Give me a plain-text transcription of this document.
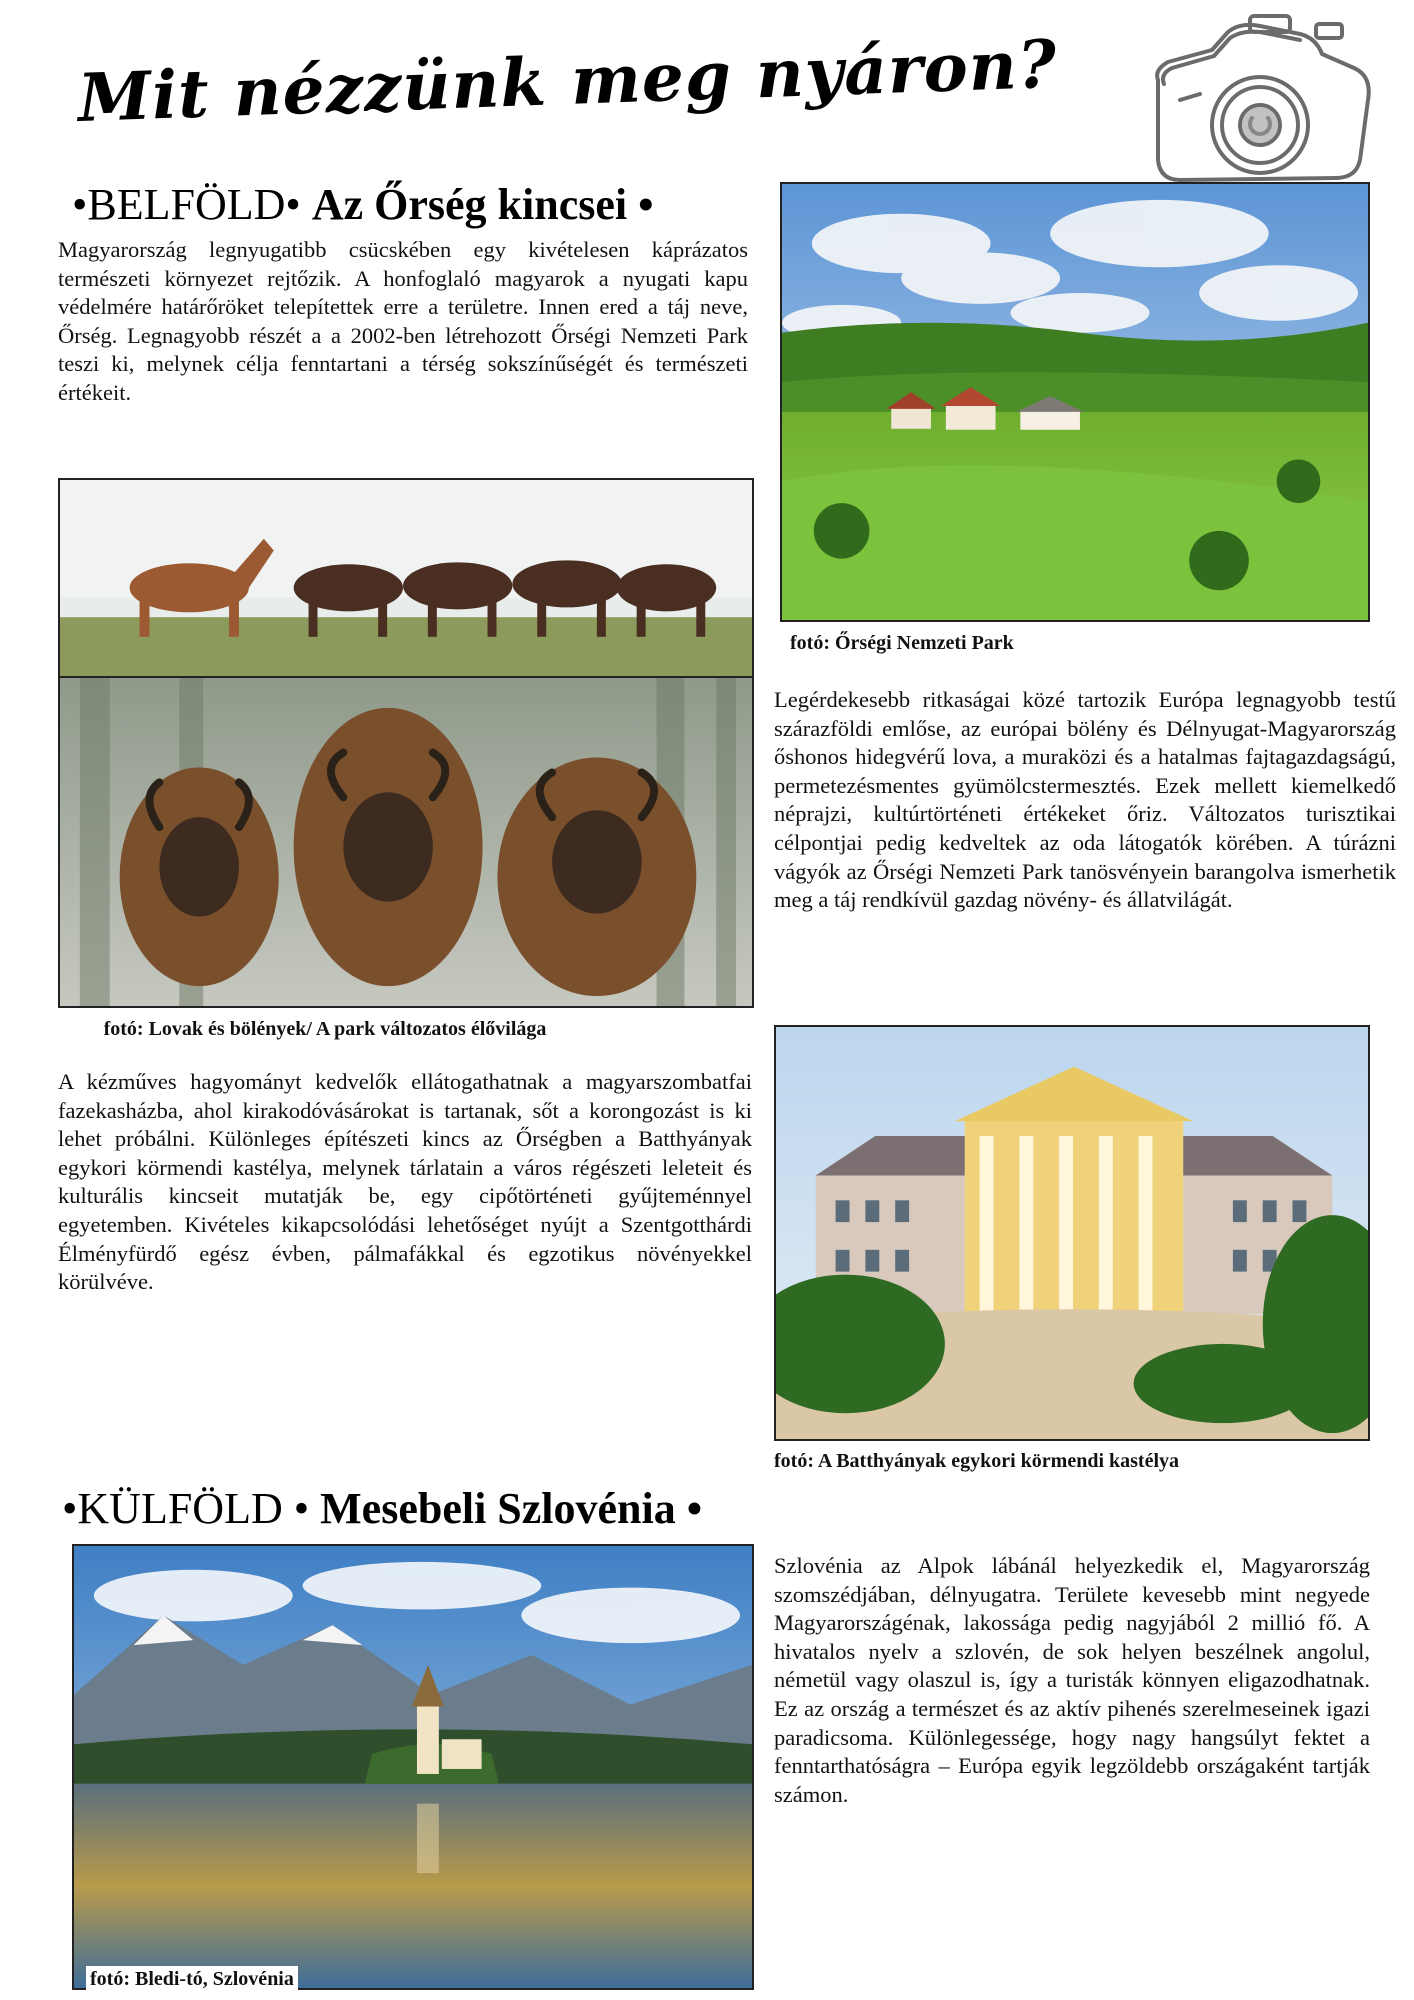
Mit nézzünk meg nyáron?
•BELFÖLD• Az Őrség kincsei •
Magyarország legnyugatibb csücskében egy kivételesen káprázatos természeti környezet rejtőzik. A honfoglaló magyarok a nyugati kapu védelmére határőröket telepítettek erre a területre. Innen ered a táj neve, Őrség. Legnagyobb részét a a 2002-ben létrehozott Őrségi Nemzeti Park teszi ki, melynek célja fenntartani a térség sokszínűségét és természeti értékeit.
fotó: Őrségi Nemzeti Park
fotó: Lovak és bölények/ A park változatos élővilága
Legérdekesebb ritkaságai közé tartozik Európa legnagyobb testű szárazföldi emlőse, az európai bölény és Délnyugat-Magyarország őshonos hidegvérű lova, a muraközi és a hatalmas fajtagazdagságú, permetezésmentes gyümölcstermesztés. Ezek mellett kiemelkedő néprajzi, kultúrtörténeti értékeket őriz. Változatos turisztikai célpontjai pedig kedveltek az oda látogatók körében. A túrázni vágyók az Őrségi Nemzeti Park tanösvényein barangolva ismerhetik meg a táj rendkívül gazdag növény- és állatvilágát.
A kézműves hagyományt kedvelők ellátogathatnak a magyarszombatfai fazekasházba, ahol kirakodóvásárokat is tartanak, sőt a korongozást is ki lehet próbálni. Különleges építészeti kincs az Őrségben a Batthyányak egykori körmendi kastélya, melynek tárlatain a város régészeti leleteit és kulturális kincseit mutatják be, egy cipőtörténeti gyűjteménnyel egyetemben. Kivételes kikapcsolódási lehetőséget nyújt a Szentgotthárdi Élményfürdő egész évben, pálmafákkal és egzotikus növényekkel körülvéve.
fotó: A Batthyányak egykori körmendi kastélya
•KÜLFÖLD • Mesebeli Szlovénia •
fotó: Bledi-tó, Szlovénia
Szlovénia az Alpok lábánál helyezkedik el, Magyarország szomszédjában, délnyugatra. Területe kevesebb mint negyede Magyarországénak, lakossága pedig nagyjából 2 millió fő. A hivatalos nyelv a szlovén, de sok helyen beszélnek angolul, németül vagy olaszul is, így a turisták könnyen eligazodhatnak. Ez az ország a természet és az aktív pihenés szerelmeseinek igazi paradicsoma. Különlegessége, hogy nagy hangsúlyt fektet a fenntarthatóságra – Európa egyik legzöldebb országaként tartják számon.
